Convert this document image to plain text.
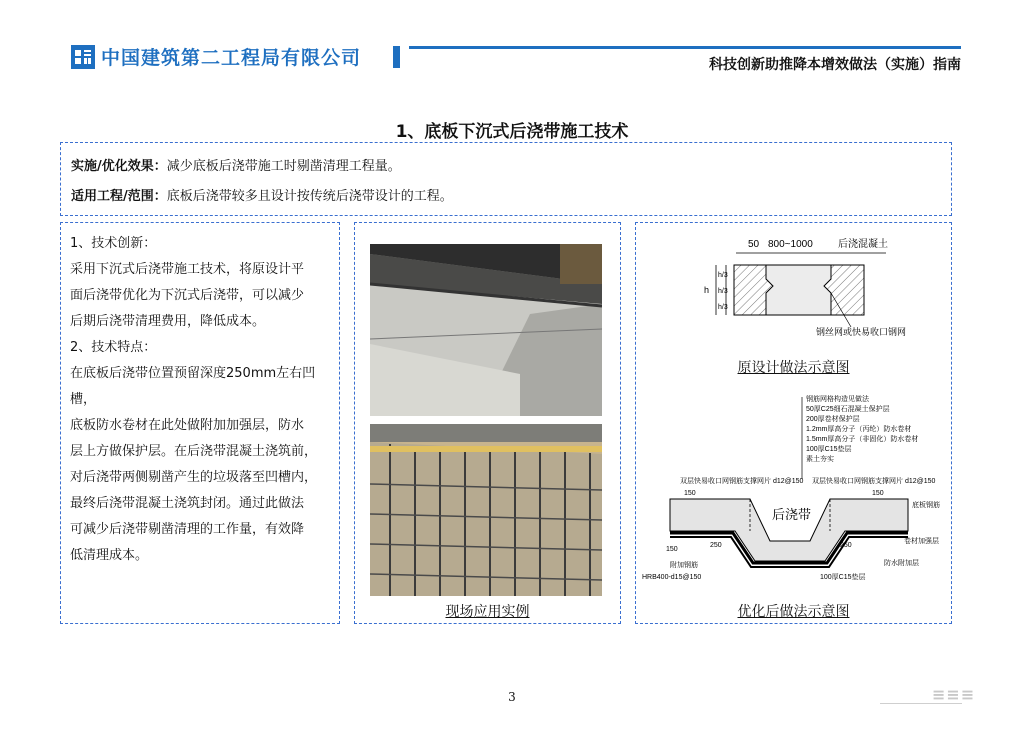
中国建筑第二工程局有限公司	科技创新助推降本增效做法（实施）指南
1、底板下沉式后浇带施工技术
实施/优化效果：减少底板后浇带施工时剔凿清理工程量。
适用工程/范围：底板后浇带较多且设计按传统后浇带设计的工程。
1、技术创新：
采用下沉式后浇带施工技术，将原设计平
面后浇带优化为下沉式后浇带，可以减少
后期后浇带清理费用，降低成本。
2、技术特点：
在底板后浇带位置预留深度250mm左右凹槽，
底板防水卷材在此处做附加加强层，防水
层上方做保护层。在后浇带混凝土浇筑前，
对后浇带两侧剔凿产生的垃圾落至凹槽内，
最终后浇带混凝土浇筑封闭。通过此做法
可减少后浇带剔凿清理的工作量，有效降
低清理成本。
现场应用实例
50 800~1000	后浇混凝土
h
h/3
h/3
h/3
钢丝网或快易收口钢网
原设计做法示意图
钢筋网格构造见做法
50厚C25细石混凝土保护层
200厚卷材保护层
1.2mm厚高分子（丙纶）防水卷材
1.5mm厚高分子（非固化）防水卷材
100厚C15垫层
素土夯实
双层快易收口网钢筋支撑网片 d12@150 双层快易收口网钢筋支撑网片 d12@150
150	150
250	250
150
附加钢筋
HRB400-d15@150	100厚C15垫层
底板钢筋
卷材加强层
防水附加层
后浇带
优化后做法示意图
3	≡≡≡
